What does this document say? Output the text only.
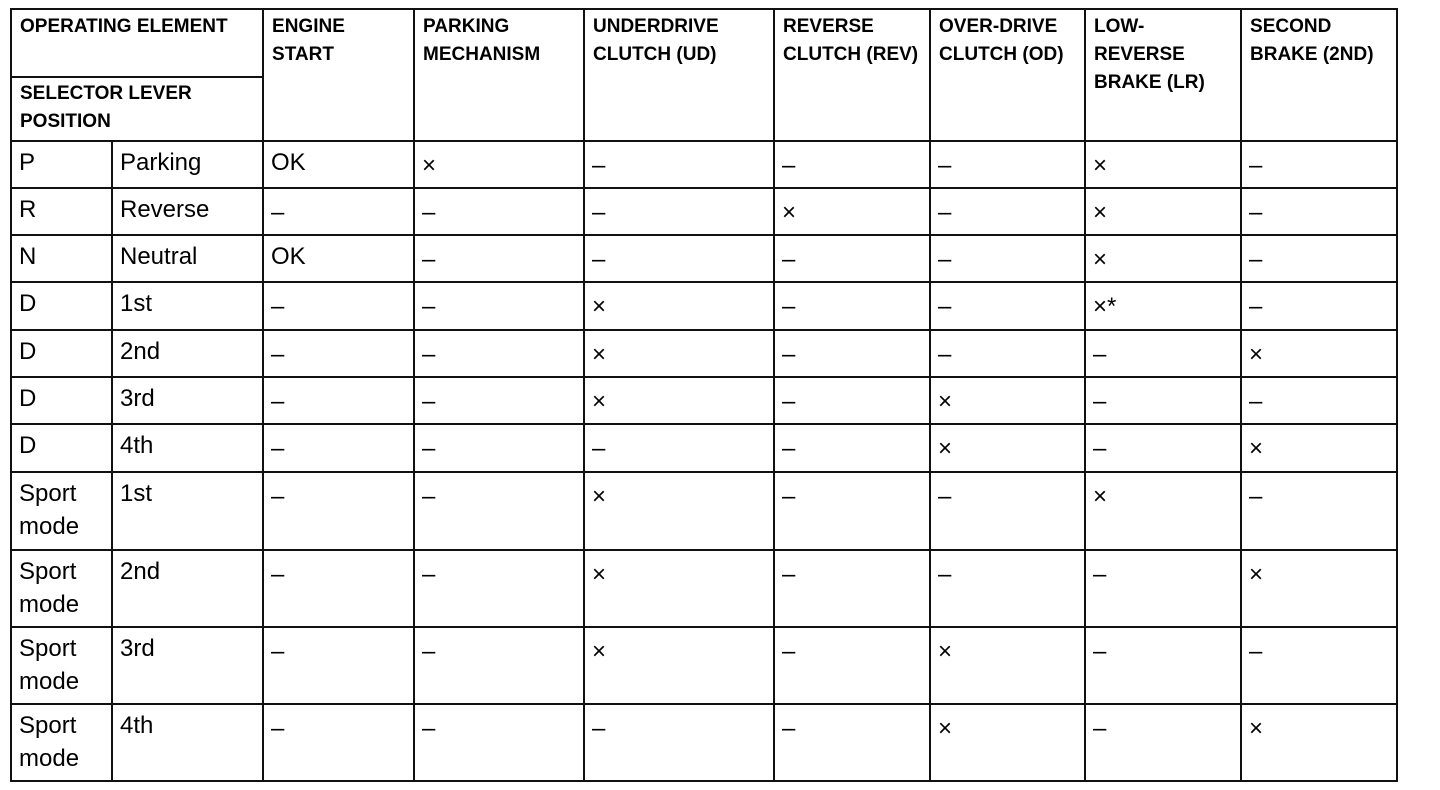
OPERATING ELEMENT		ENGINE START	PARKING MECHANISM	UNDERDRIVE CLUTCH (UD)	REVERSE CLUTCH (REV)	OVER-DRIVE CLUTCH (OD)	LOW-REVERSE BRAKE (LR)	SECOND BRAKE (2ND)
SELECTOR LEVER POSITION								
P	Parking	OK	×	–	–	–	×	–
R	Reverse	–	–	–	×	–	×	–
N	Neutral	OK	–	–	–	–	×	–
D	1st	–	–	×	–	–	×*	–
D	2nd	–	–	×	–	–	–	×
D	3rd	–	–	×	–	×	–	–
D	4th	–	–	–	–	×	–	×
Sport mode	1st	–	–	×	–	–	×	–
Sport mode	2nd	–	–	×	–	–	–	×
Sport mode	3rd	–	–	×	–	×	–	–
Sport mode	4th	–	–	–	–	×	–	×
